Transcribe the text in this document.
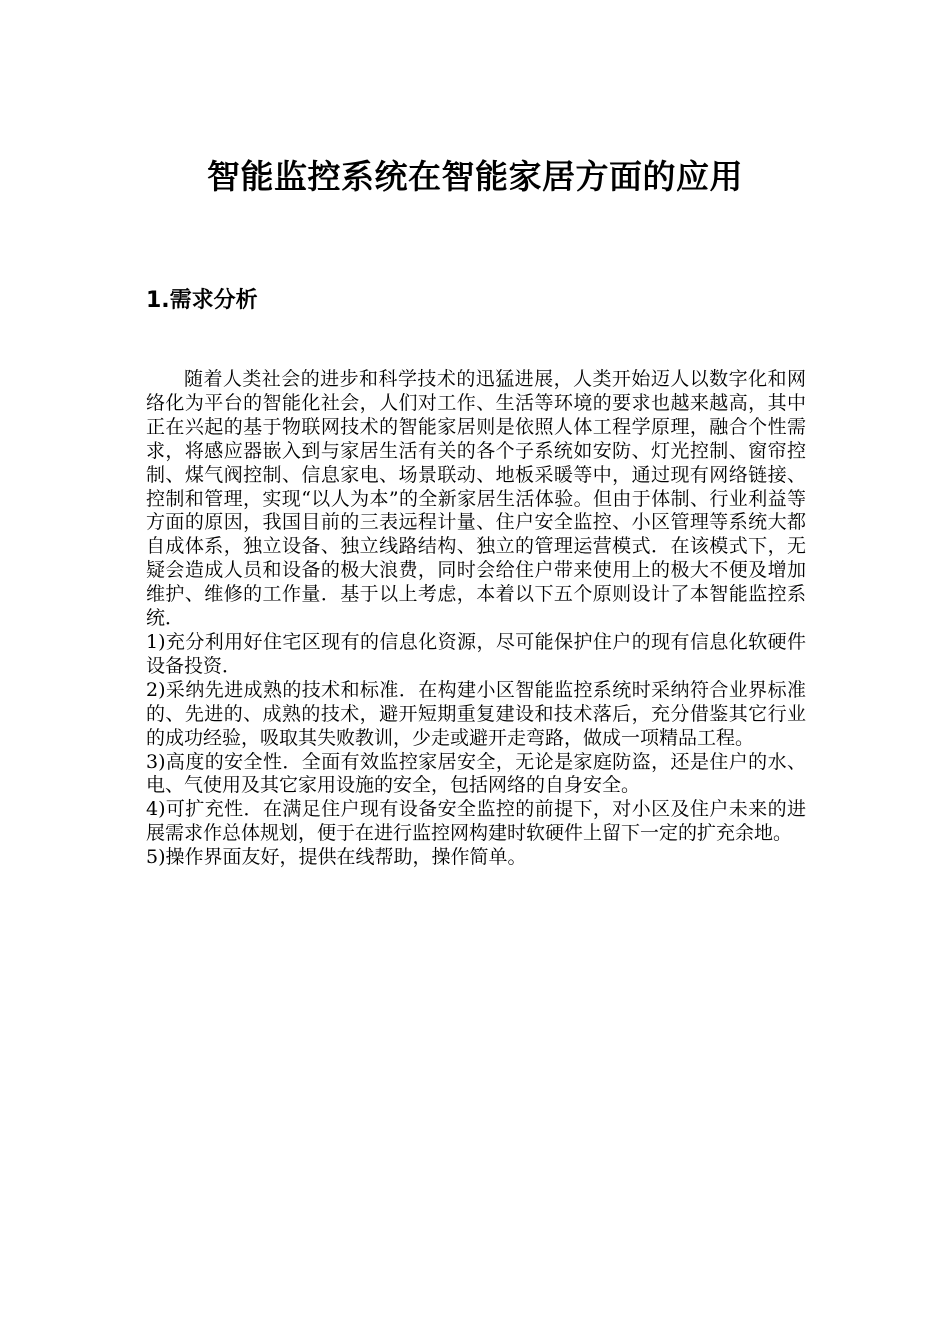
智能监控系统在智能家居方面的应用
1.需求分析

随着人类社会的进步和科学技术的迅猛进展，人类开始迈人以数字化和网络化为平台的智能化社会，人们对工作、生活等环境的要求也越来越高，其中正在兴起的基于物联网技术的智能家居则是依照人体工程学原理，融合个性需求，将感应器嵌入到与家居生活有关的各个子系统如安防、灯光控制、窗帘控制、煤气阀控制、信息家电、场景联动、地板采暖等中，通过现有网络链接、控制和管理，实现“以人为本”的全新家居生活体验。但由于体制、行业利益等方面的原因，我国目前的三表远程计量、住户安全监控、小区管理等系统大都自成体系，独立设备、独立线路结构、独立的管理运营模式．在该模式下，无疑会造成人员和设备的极大浪费，同时会给住户带来使用上的极大不便及增加维护、维修的工作量．基于以上考虑，本着以下五个原则设计了本智能监控系统．

1)充分利用好住宅区现有的信息化资源，尽可能保护住户的现有信息化软硬件设备投资．

2)采纳先进成熟的技术和标准．在构建小区智能监控系统时采纳符合业界标准的、先进的、成熟的技术，避开短期重复建设和技术落后，充分借鉴其它行业的成功经验，吸取其失败教训，少走或避开走弯路，做成一项精品工程。

3)高度的安全性．全面有效监控家居安全，无论是家庭防盗，还是住户的水、电、气使用及其它家用设施的安全，包括网络的自身安全。

4)可扩充性．在满足住户现有设备安全监控的前提下，对小区及住户未来的进展需求作总体规划，便于在进行监控网构建时软硬件上留下一定的扩充余地。

5)操作界面友好，提供在线帮助，操作简单。
